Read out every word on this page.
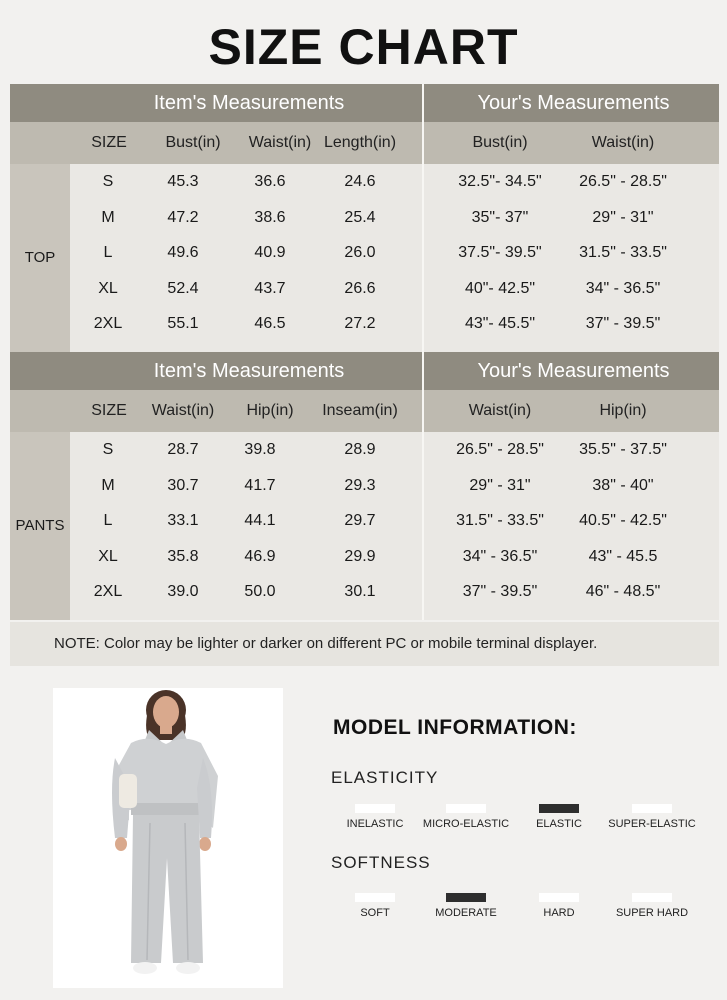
SIZE CHART
Item's Measurements	Your's Measurements
SIZE	Bust(in)	Waist(in) Length(in)	Bust(in)	Waist(in)
TOP
S	45.3	36.6	24.6	32.5"- 34.5"	26.5" - 28.5"
M	47.2	38.6	25.4	35"- 37"	29" - 31"
L	49.6	40.9	26.0	37.5"- 39.5"	31.5" - 33.5"
XL	52.4	43.7	26.6	40"- 42.5"	34" - 36.5"
2XL	55.1	46.5	27.2	43"- 45.5"	37" - 39.5"
Item's Measurements	Your's Measurements
SIZE	Waist(in)	Hip(in)	Inseam(in)	Waist(in)	Hip(in)
PANTS
S	28.7	39.8	28.9	26.5" - 28.5"	35.5" - 37.5"
M	30.7	41.7	29.3	29" - 31"	38" - 40"
L	33.1	44.1	29.7	31.5" - 33.5"	40.5" - 42.5"
XL	35.8	46.9	29.9	34" - 36.5"	43" - 45.5
2XL	39.0	50.0	30.1	37" - 39.5"	46" - 48.5"
NOTE: Color may be lighter or darker on different PC or mobile terminal displayer.
MODEL INFORMATION:
ELASTICITY
INELASTIC	MICRO-ELASTIC	ELASTIC	SUPER-ELASTIC
SOFTNESS
SOFT	MODERATE	HARD	SUPER HARD
